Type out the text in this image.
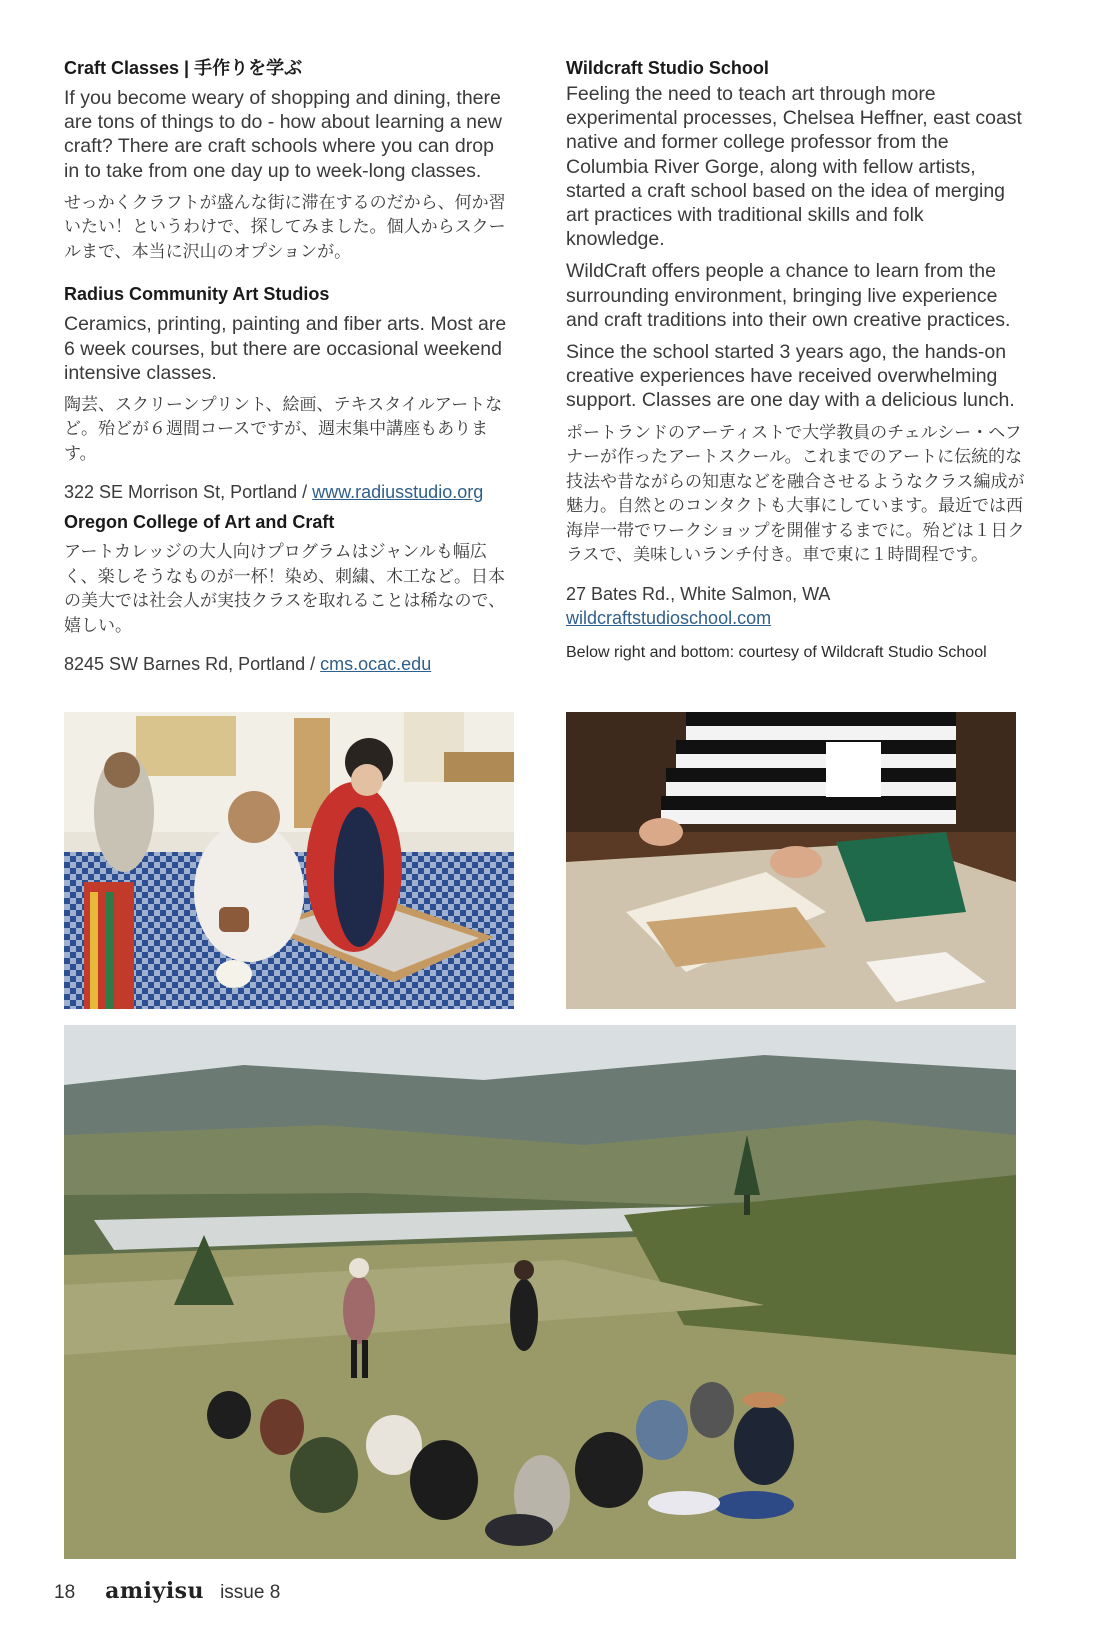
Craft Classes | 手作りを学ぶ

If you become weary of shopping and dining, there are tons of things to do - how about learning a new craft? There are craft schools where you can drop in to take from one day up to week-long classes.

せっかくクラフトが盛んな街に滞在するのだから、何か習いたい！というわけで、探してみました。個人からスクールまで、本当に沢山のオプションが。

Radius Community Art Studios

Ceramics, printing, painting and fiber arts. Most are 6 week courses, but there are occasional weekend intensive classes.

陶芸、スクリーンプリント、絵画、テキスタイルアートなど。殆どが６週間コースですが、週末集中講座もあります。

322 SE Morrison St, Portland / www.radiusstudio.org
Oregon College of Art and Craft

アートカレッジの大人向けプログラムはジャンルも幅広く、楽しそうなものが一杯！染め、刺繍、木工など。日本の美大では社会人が実技クラスを取れることは稀なので、嬉しい。

8245 SW Barnes Rd, Portland / cms.ocac.edu
Wildcraft Studio School

Feeling the need to teach art through more experimental processes, Chelsea Heffner, east coast native and former college professor from the Columbia River Gorge, along with fellow artists, started a craft school based on the idea of merging art practices with traditional skills and folk knowledge.

WildCraft offers people a chance to learn from the surrounding environment, bringing live experience and craft traditions into their own creative practices.

Since the school started 3 years ago, the hands-on creative experiences have received overwhelming support. Classes are one day with a delicious lunch.

ポートランドのアーティストで大学教員のチェルシー・ヘフナーが作ったアートスクール。これまでのアートに伝統的な技法や昔ながらの知恵などを融合させるようなクラス編成が魅力。自然とのコンタクトも大事にしています。最近では西海岸一帯でワークショップを開催するまでに。殆どは１日クラスで、美味しいランチ付き。車で東に１時間程です。

27 Bates Rd., White Salmon, WA
wildcraftstudioschool.com
Below right and bottom: courtesy of Wildcraft Studio School
18 amiyisu issue 8
